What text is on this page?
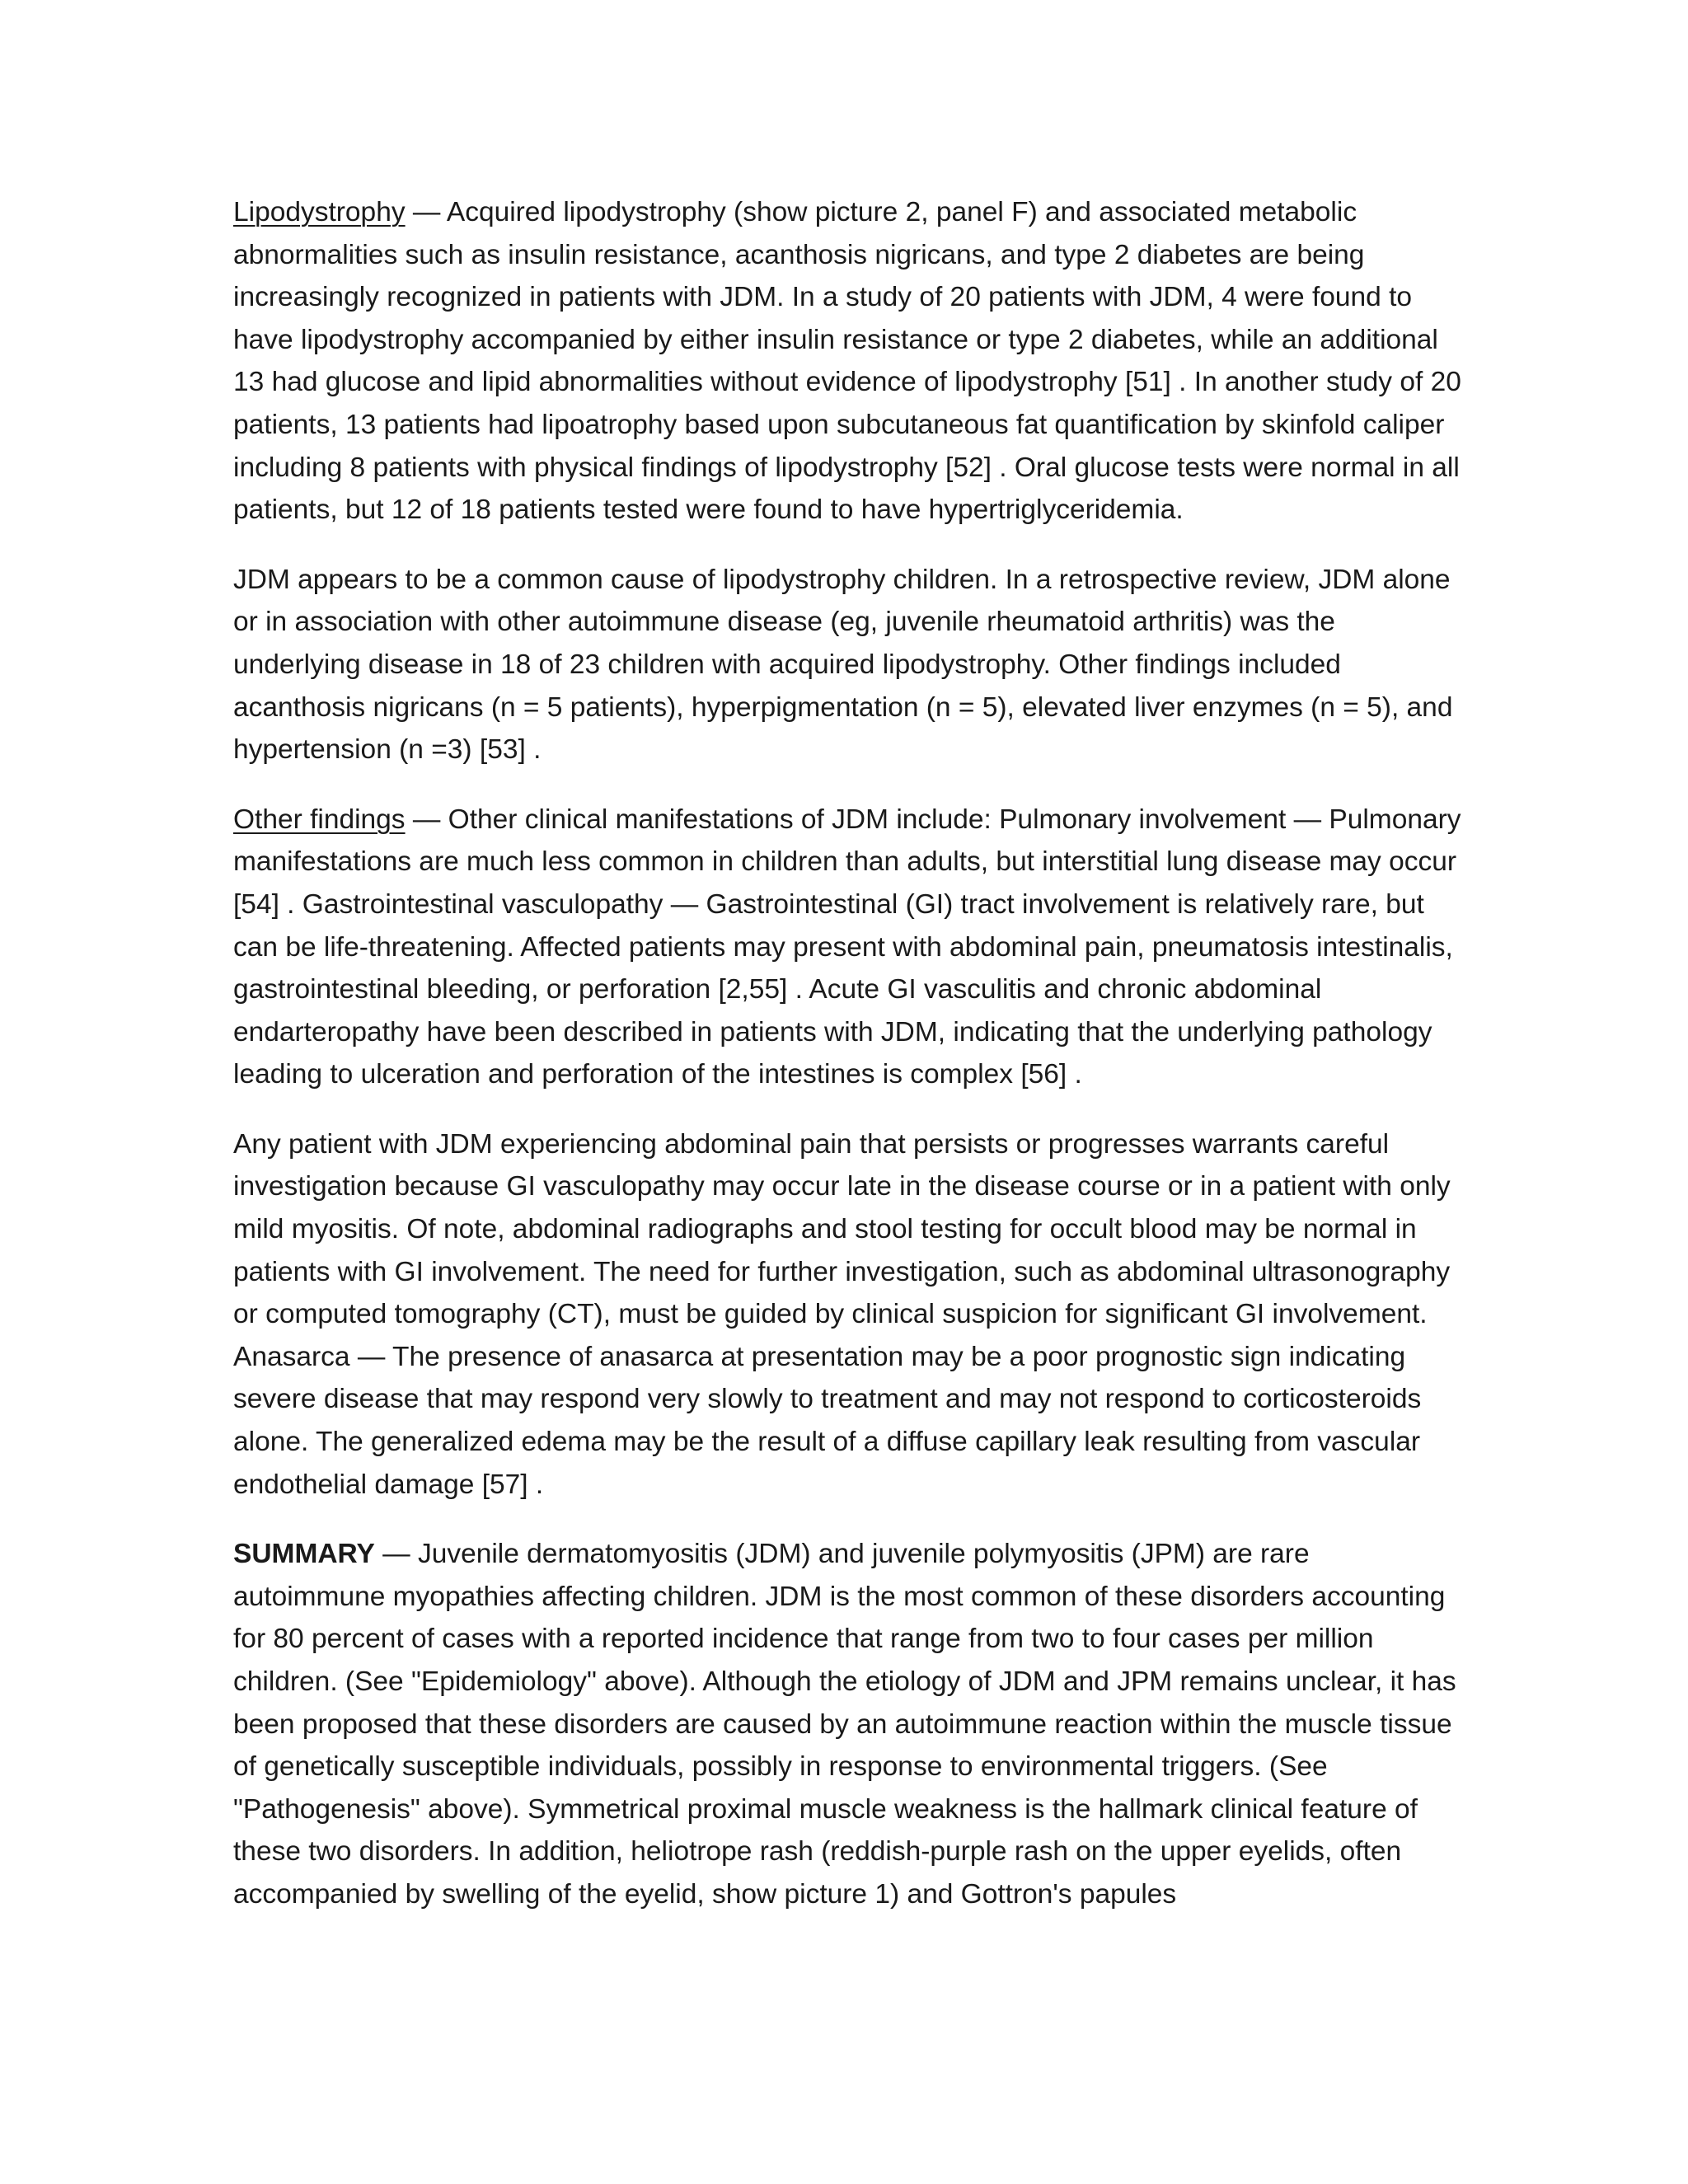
Lipodystrophy — Acquired lipodystrophy (show picture 2, panel F) and associated metabolic abnormalities such as insulin resistance, acanthosis nigricans, and type 2 diabetes are being increasingly recognized in patients with JDM. In a study of 20 patients with JDM, 4 were found to have lipodystrophy accompanied by either insulin resistance or type 2 diabetes, while an additional 13 had glucose and lipid abnormalities without evidence of lipodystrophy [51] . In another study of 20 patients, 13 patients had lipoatrophy based upon subcutaneous fat quantification by skinfold caliper including 8 patients with physical findings of lipodystrophy [52] . Oral glucose tests were normal in all patients, but 12 of 18 patients tested were found to have hypertriglyceridemia.

JDM appears to be a common cause of lipodystrophy children. In a retrospective review, JDM alone or in association with other autoimmune disease (eg, juvenile rheumatoid arthritis) was the underlying disease in 18 of 23 children with acquired lipodystrophy. Other findings included acanthosis nigricans (n = 5 patients), hyperpigmentation (n = 5), elevated liver enzymes (n = 5), and hypertension (n =3) [53] .

Other findings — Other clinical manifestations of JDM include: Pulmonary involvement — Pulmonary manifestations are much less common in children than adults, but interstitial lung disease may occur [54] . Gastrointestinal vasculopathy — Gastrointestinal (GI) tract involvement is relatively rare, but can be life-threatening. Affected patients may present with abdominal pain, pneumatosis intestinalis, gastrointestinal bleeding, or perforation [2,55] . Acute GI vasculitis and chronic abdominal endarteropathy have been described in patients with JDM, indicating that the underlying pathology leading to ulceration and perforation of the intestines is complex [56] .

Any patient with JDM experiencing abdominal pain that persists or progresses warrants careful investigation because GI vasculopathy may occur late in the disease course or in a patient with only mild myositis. Of note, abdominal radiographs and stool testing for occult blood may be normal in patients with GI involvement. The need for further investigation, such as abdominal ultrasonography or computed tomography (CT), must be guided by clinical suspicion for significant GI involvement. Anasarca — The presence of anasarca at presentation may be a poor prognostic sign indicating severe disease that may respond very slowly to treatment and may not respond to corticosteroids alone. The generalized edema may be the result of a diffuse capillary leak resulting from vascular endothelial damage [57] .

SUMMARY — Juvenile dermatomyositis (JDM) and juvenile polymyositis (JPM) are rare autoimmune myopathies affecting children. JDM is the most common of these disorders accounting for 80 percent of cases with a reported incidence that range from two to four cases per million children. (See "Epidemiology" above). Although the etiology of JDM and JPM remains unclear, it has been proposed that these disorders are caused by an autoimmune reaction within the muscle tissue of genetically susceptible individuals, possibly in response to environmental triggers. (See "Pathogenesis" above). Symmetrical proximal muscle weakness is the hallmark clinical feature of these two disorders. In addition, heliotrope rash (reddish-purple rash on the upper eyelids, often accompanied by swelling of the eyelid, show picture 1) and Gottron's papules
